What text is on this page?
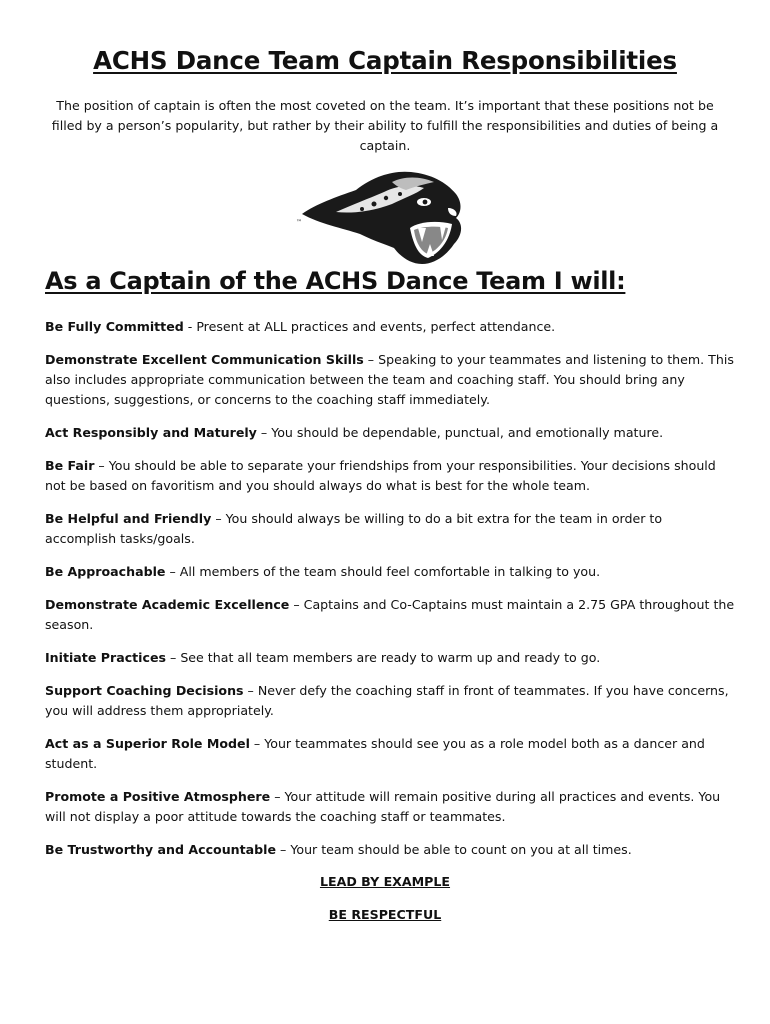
ACHS Dance Team Captain Responsibilities
The position of captain is often the most coveted on the team. It’s important that these positions not be filled by a person’s popularity, but rather by their ability to fulfill the responsibilities and duties of being a captain.
™
As a Captain of the ACHS Dance Team I will:
Be Fully Committed - Present at ALL practices and events, perfect attendance.
Demonstrate Excellent Communication Skills – Speaking to your teammates and listening to them. This also includes appropriate communication between the team and coaching staff. You should bring any questions, suggestions, or concerns to the coaching staff immediately.
Act Responsibly and Maturely – You should be dependable, punctual, and emotionally mature.
Be Fair – You should be able to separate your friendships from your responsibilities. Your decisions should not be based on favoritism and you should always do what is best for the whole team.
Be Helpful and Friendly – You should always be willing to do a bit extra for the team in order to accomplish tasks/goals.
Be Approachable – All members of the team should feel comfortable in talking to you.
Demonstrate Academic Excellence – Captains and Co-Captains must maintain a 2.75 GPA throughout the season.
Initiate Practices – See that all team members are ready to warm up and ready to go.
Support Coaching Decisions – Never defy the coaching staff in front of teammates. If you have concerns, you will address them appropriately.
Act as a Superior Role Model – Your teammates should see you as a role model both as a dancer and student.
Promote a Positive Atmosphere – Your attitude will remain positive during all practices and events. You will not display a poor attitude towards the coaching staff or teammates.
Be Trustworthy and Accountable – Your team should be able to count on you at all times.
LEAD BY EXAMPLE
BE RESPECTFUL
